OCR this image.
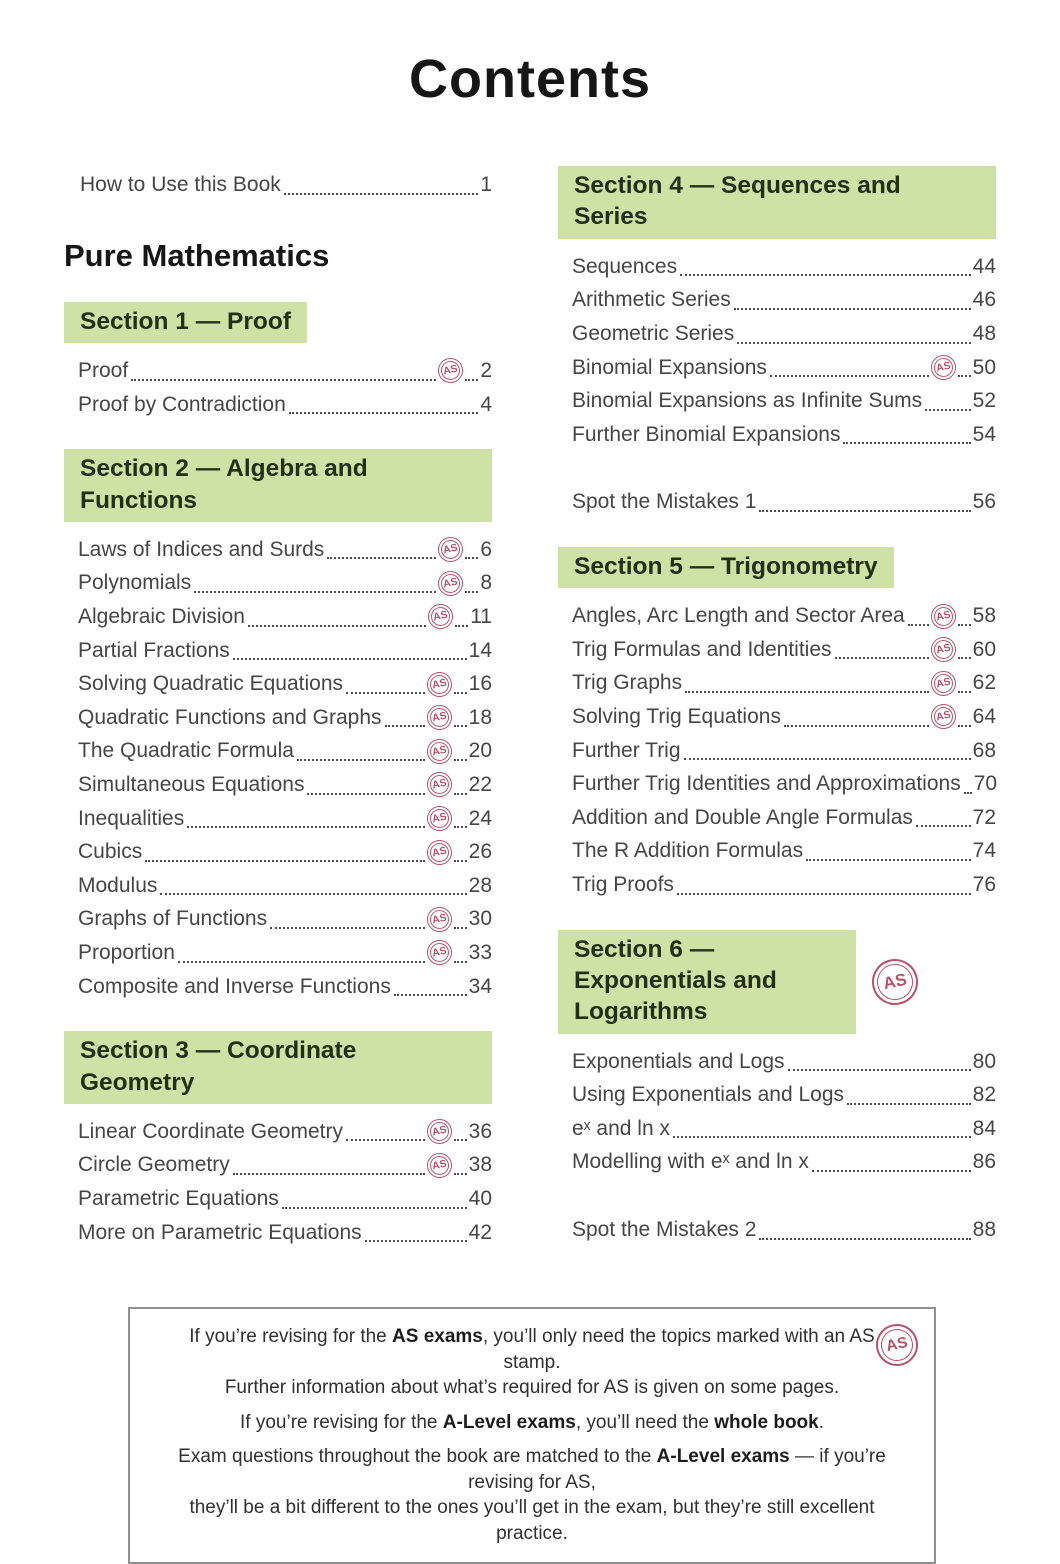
Contents
How to Use this Book	1
Pure Mathematics
Section 1 — Proof
Proof	AS 2
Proof by Contradiction	4
Section 2 — Algebra and Functions
Laws of Indices and Surds	AS 6
Polynomials	AS 8
Algebraic Division	AS 11
Partial Fractions	14
Solving Quadratic Equations	AS 16
Quadratic Functions and Graphs	AS 18
The Quadratic Formula	AS 20
Simultaneous Equations	AS 22
Inequalities	AS 24
Cubics	AS 26
Modulus	28
Graphs of Functions	AS 30
Proportion	AS 33
Composite and Inverse Functions	34
Section 3 — Coordinate Geometry
Linear Coordinate Geometry	AS 36
Circle Geometry	AS 38
Parametric Equations	40
More on Parametric Equations	42
Section 4 — Sequences and Series
Sequences	44
Arithmetic Series	46
Geometric Series	48
Binomial Expansions	AS 50
Binomial Expansions as Infinite Sums 52
Further Binomial Expansions	54
Spot the Mistakes 1	56
Section 5 — Trigonometry
Angles, Arc Length and Sector Area	AS 58
Trig Formulas and Identities	AS 60
Trig Graphs	AS 62
Solving Trig Equations	AS 64
Further Trig	68
Further Trig Identities and Approximations 70
Addition and Double Angle Formulas	72
The R Addition Formulas	74
Trig Proofs	76
Section 6 — Exponentials and Logarithms
AS
Exponentials and Logs	80
Using Exponentials and Logs	82
eˣ and ln x	84
Modelling with eˣ and ln x	86
Spot the Mistakes 2	88
AS

If you’re revising for the AS exams, you’ll only need the topics marked with an AS stamp.
Further information about what’s required for AS is given on some pages.

If you’re revising for the A-Level exams, you’ll need the whole book.

Exam questions throughout the book are matched to the A-Level exams — if you’re revising for AS,
they’ll be a bit different to the ones you’ll get in the exam, but they’re still excellent practice.
